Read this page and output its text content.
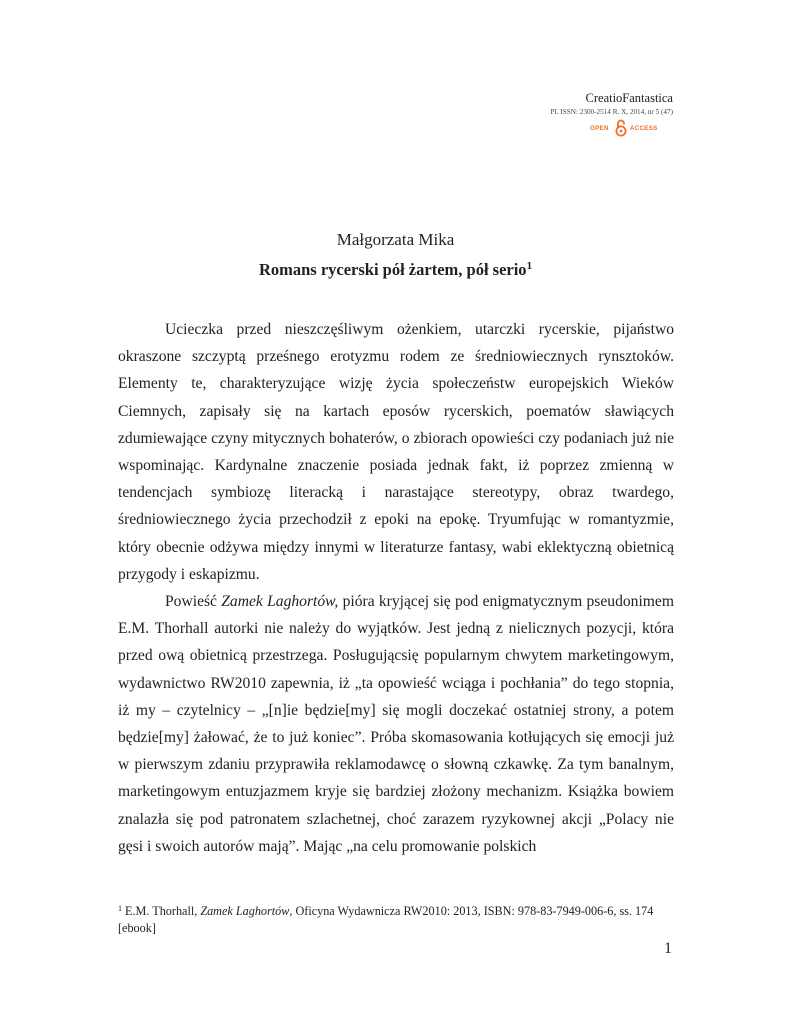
CreatioFantastica
PL ISSN: 2300-2514 R. X, 2014, nr 5 (47)
OPEN	ACCESS
Małgorzata Mika
Romans rycerski pół żartem, pół serio$^1$

Ucieczka przed nieszczęśliwym ożenkiem, utarczki rycerskie, pijaństwo okraszone szczyptą prześnego erotyzmu rodem ze średniowiecznych rynsztoków. Elementy te, charakteryzujące wizję życia społeczeństw europejskich Wieków Ciemnych, zapisały się na kartach eposów rycerskich, poematów sławiących zdumiewające czyny mitycznych bohaterów, o zbiorach opowieści czy podaniach już nie wspominając. Kardynalne znaczenie posiada jednak fakt, iż poprzez zmienną w tendencjach symbiozę literacką i narastające stereotypy, obraz twardego, średniowiecznego życia przechodził z epoki na epokę. Tryumfując w romantyzmie, który obecnie odżywa między innymi w literaturze fantasy, wabi eklektyczną obietnicą przygody i eskapizmu.

Powieść Zamek Laghortów, pióra kryjącej się pod enigmatycznym pseudonimem E.M. Thorhall autorki nie należy do wyjątków. Jest jedną z nielicznych pozycji, która przed ową obietnicą przestrzega. Posługującsię popularnym chwytem marketingowym, wydawnictwo RW2010 zapewnia, iż „ta opowieść wciąga i pochłania” do tego stopnia, iż my – czytelnicy – „[n]ie będzie[my] się mogli doczekać ostatniej strony, a potem będzie[my] żałować, że to już koniec”. Próba skomasowania kotłujących się emocji już w pierwszym zdaniu przyprawiła reklamodawcę o słowną czkawkę. Za tym banalnym, marketingowym entuzjazmem kryje się bardziej złożony mechanizm. Książka bowiem znalazła się pod patronatem szlachetnej, choć zarazem ryzykownej akcji „Polacy nie gęsi i swoich autorów mają”. Mając „na celu promowanie polskich

$^1$ E.M. Thorhall, Zamek Laghortów, Oficyna Wydawnicza RW2010: 2013, ISBN: 978-83-7949-006-6, ss. 174 [ebook]
1
